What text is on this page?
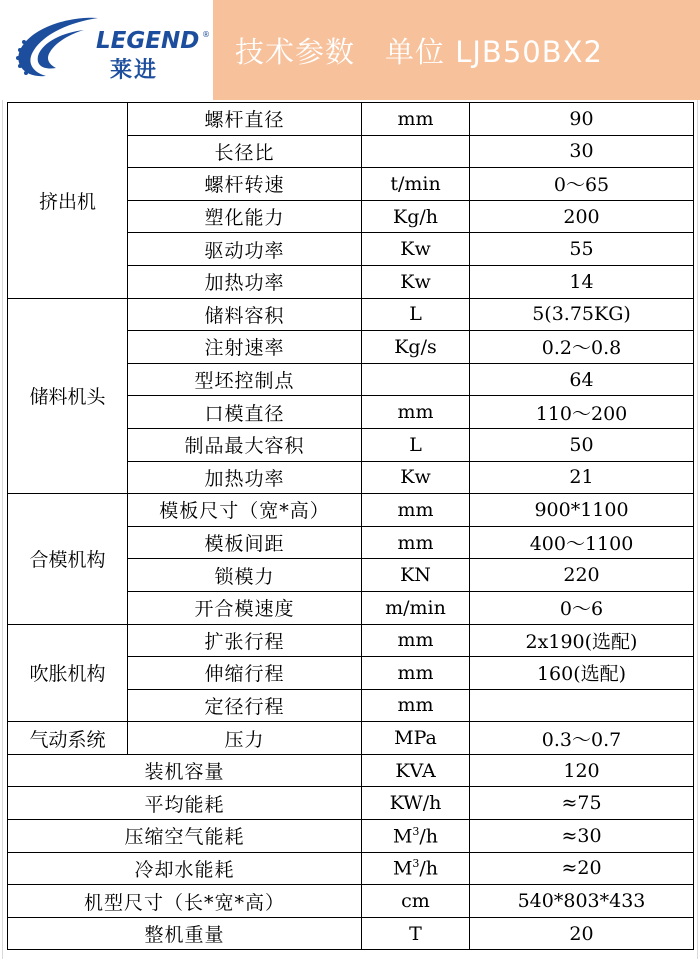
LEGEND ®
莱进
技术参数　单位 LJB50BX2
挤出机	螺杆直径	mm	90
	长径比		30
	螺杆转速	t/min	0～65
	塑化能力	Kg/h	200
	驱动功率	Kw	55
	加热功率	Kw	14
储料机头	储料容积	L	5(3.75KG)
	注射速率	Kg/s	0.2～0.8
	型坯控制点		64
	口模直径	mm	110～200
	制品最大容积	L	50
	加热功率	Kw	21
合模机构	模板尺寸（宽*高）	mm	900*1100
	模板间距	mm	400～1100
	锁模力	KN	220
	开合模速度	m/min	0～6
吹胀机构	扩张行程	mm	2x190(选配)
	伸缩行程	mm	160(选配)
	定径行程	mm	
气动系统	压力	MPa	0.3～0.7
装机容量		KVA	120
平均能耗		KW/h	≈75
压缩空气能耗		$M^3/h$	≈30
冷却水能耗		$M^3/h$	≈20
机型尺寸（长*宽*高）		cm	540*803*433
整机重量		T	20
